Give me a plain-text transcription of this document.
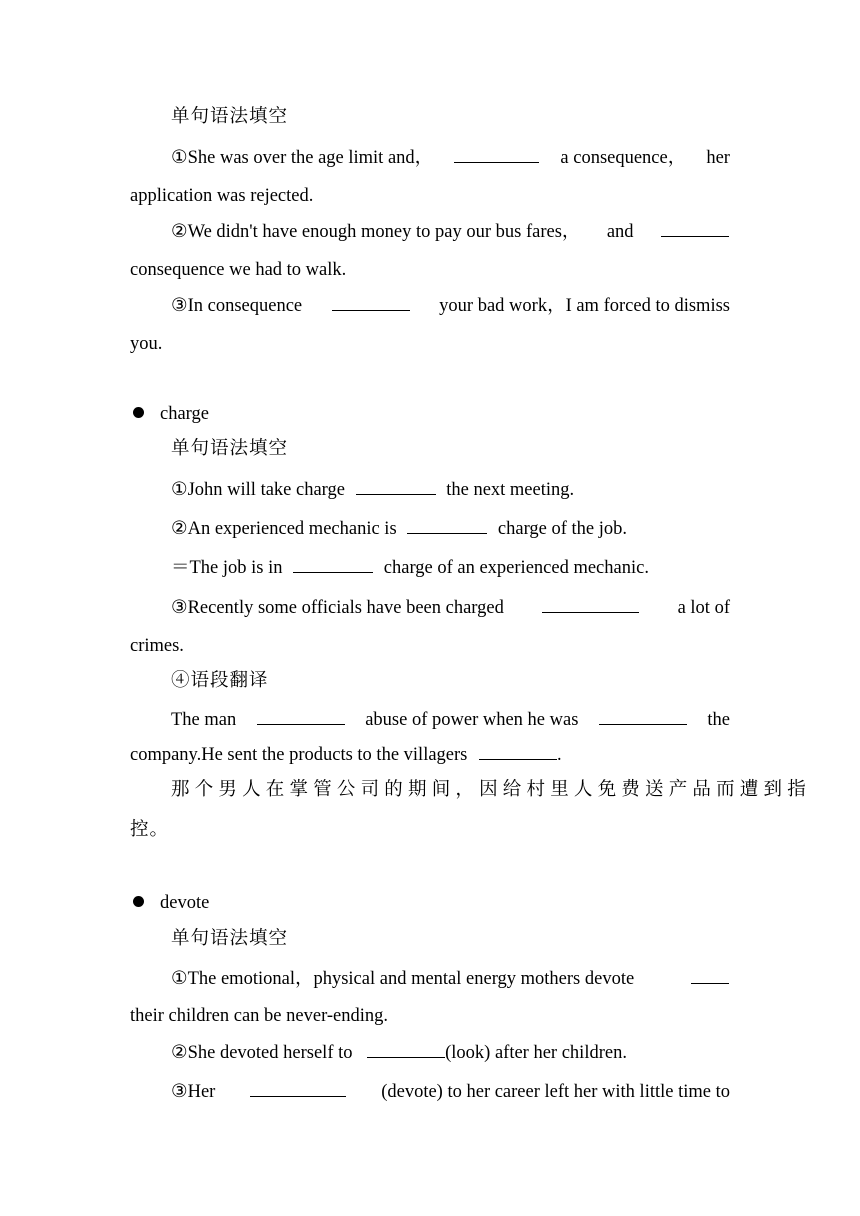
单句语法填空
①She was over the age limit and，	a consequence， her
application was rejected.
②We didn't have enough money to pay our bus fares， and
consequence we had to walk.
③In consequence	your bad work，I am forced to dismiss
you.
charge
单句语法填空
①John will take charge	the next meeting.
②An experienced mechanic is	charge of the job.
＝The job is in	charge of an experienced mechanic.
③Recently some officials have been charged	a lot of
crimes.
④语段翻译
The man	abuse of power when he was	the
company.He sent the products to the villagers	.
那个男人在掌管公司的期间，因给村里人免费送产品而遭到指
控。
devote
单句语法填空
①The emotional，physical and mental energy mothers devote
their children can be never-ending.
②She devoted herself to	(look) after her children.
③Her	(devote) to her career left her with little time to
